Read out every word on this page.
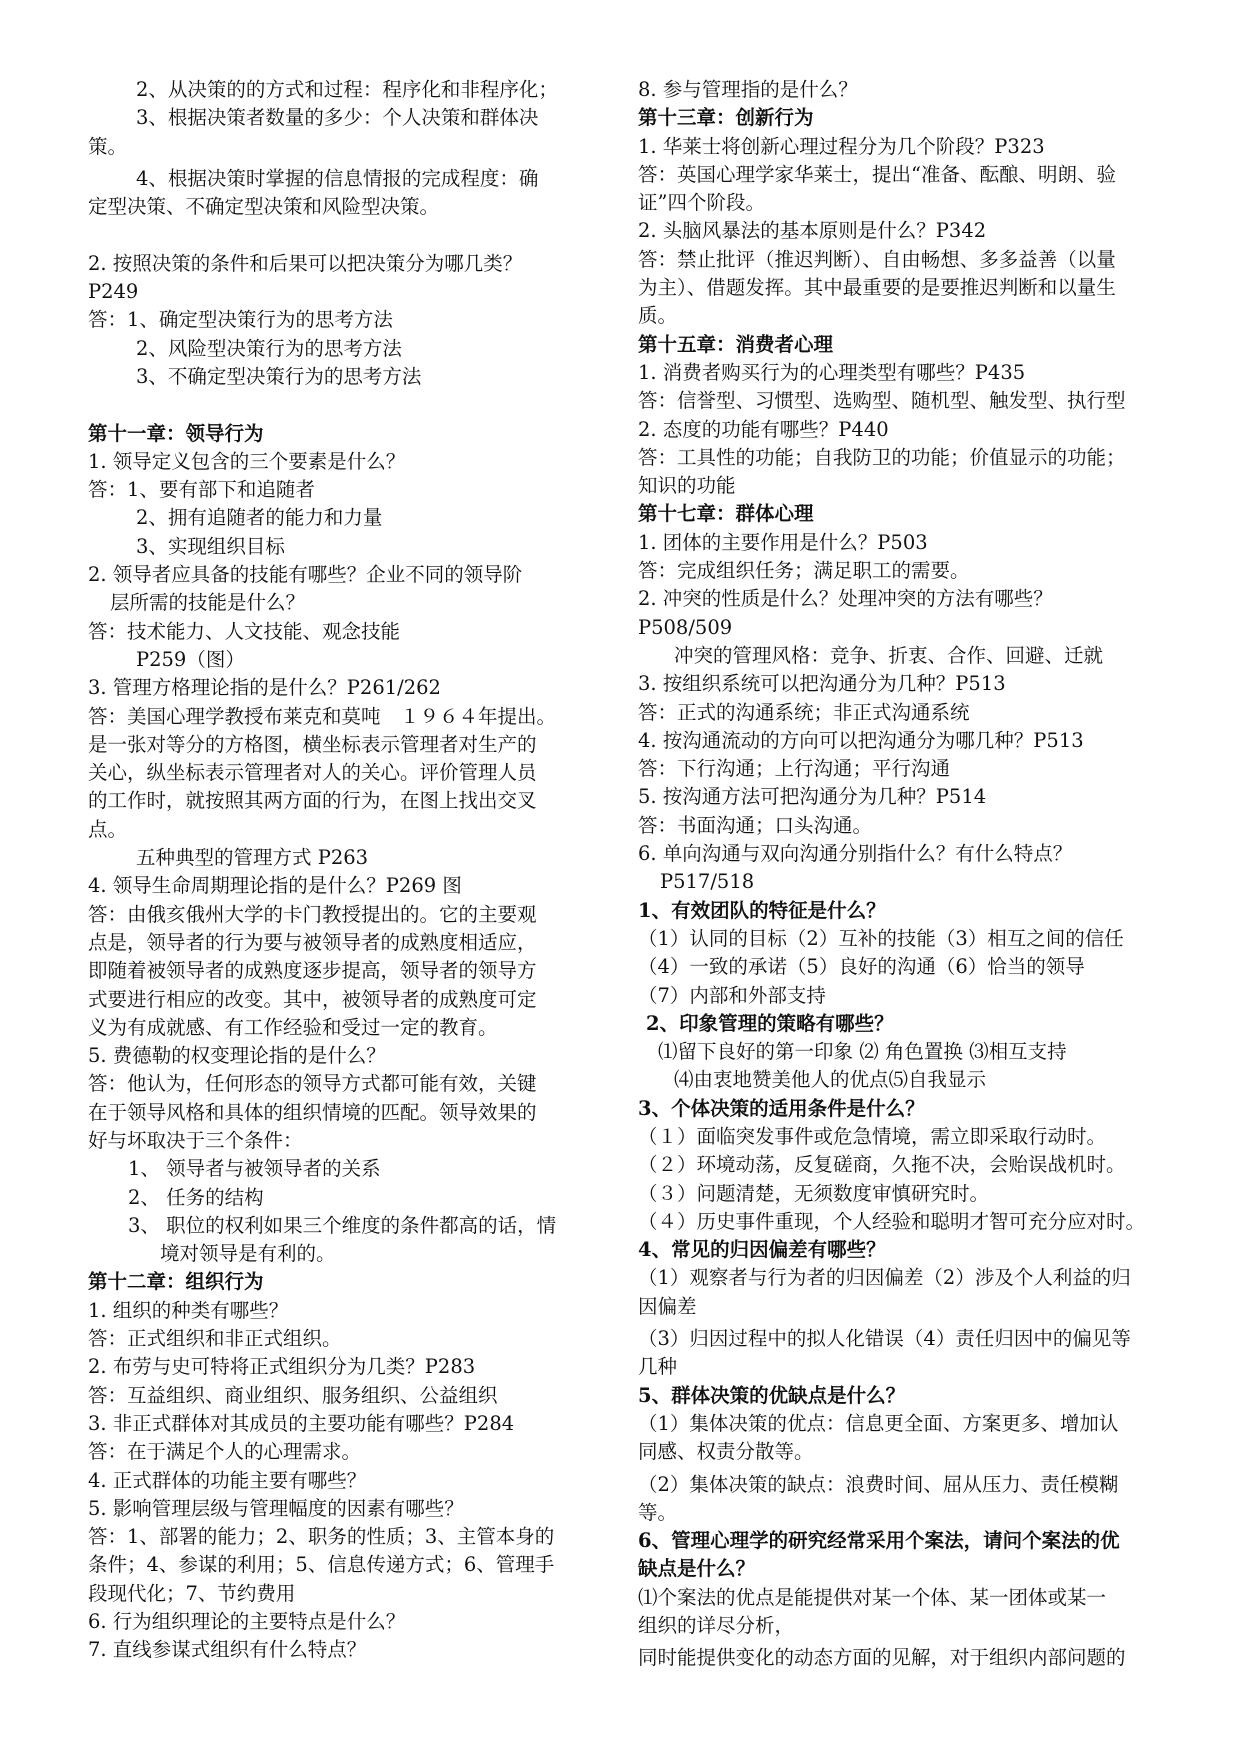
2、从决策的的方式和过程：程序化和非程序化；
3、根据决策者数量的多少：个人决策和群体决
策。
4、根据决策时掌握的信息情报的完成程度：确
定型决策、不确定型决策和风险型决策。
2. 按照决策的条件和后果可以把决策分为哪几类？
P249
答：1、确定型决策行为的思考方法
2、风险型决策行为的思考方法
3、不确定型决策行为的思考方法
第十一章：领导行为
1. 领导定义包含的三个要素是什么？
答：1、要有部下和追随者
2、拥有追随者的能力和力量
3、实现组织目标
2. 领导者应具备的技能有哪些？企业不同的领导阶
层所需的技能是什么？
答：技术能力、人文技能、观念技能
P259（图）
3. 管理方格理论指的是什么？P261/262
答：美国心理学教授布莱克和莫吨　１９６４年提出。
是一张对等分的方格图，横坐标表示管理者对生产的
关心，纵坐标表示管理者对人的关心。评价管理人员
的工作时，就按照其两方面的行为，在图上找出交叉
点。
五种典型的管理方式 P263
4. 领导生命周期理论指的是什么？P269 图
答：由俄亥俄州大学的卡门教授提出的。它的主要观
点是，领导者的行为要与被领导者的成熟度相适应，
即随着被领导者的成熟度逐步提高，领导者的领导方
式要进行相应的改变。其中，被领导者的成熟度可定
义为有成就感、有工作经验和受过一定的教育。
5. 费德勒的权变理论指的是什么？
答：他认为，任何形态的领导方式都可能有效，关键
在于领导风格和具体的组织情境的匹配。领导效果的
好与坏取决于三个条件：
1、 领导者与被领导者的关系
2、 任务的结构
3、 职位的权利如果三个维度的条件都高的话，情
境对领导是有利的。
第十二章：组织行为
1. 组织的种类有哪些？
答：正式组织和非正式组织。
2. 布劳与史可特将正式组织分为几类？P283
答：互益组织、商业组织、服务组织、公益组织
3. 非正式群体对其成员的主要功能有哪些？P284
答：在于满足个人的心理需求。
4. 正式群体的功能主要有哪些？
5. 影响管理层级与管理幅度的因素有哪些？
答：1、部署的能力；2、职务的性质；3、主管本身的
条件；4、参谋的利用；5、信息传递方式；6、管理手
段现代化；7、节约费用
6. 行为组织理论的主要特点是什么？
7. 直线参谋式组织有什么特点？
8. 参与管理指的是什么？
第十三章：创新行为
1. 华莱士将创新心理过程分为几个阶段？P323
答：英国心理学家华莱士，提出“准备、酝酿、明朗、验
证”四个阶段。
2. 头脑风暴法的基本原则是什么？P342
答：禁止批评（推迟判断）、自由畅想、多多益善（以量
为主）、借题发挥。其中最重要的是要推迟判断和以量生
质。
第十五章：消费者心理
1. 消费者购买行为的心理类型有哪些？P435
答：信誉型、习惯型、选购型、随机型、触发型、执行型
2. 态度的功能有哪些？P440
答：工具性的功能；自我防卫的功能；价值显示的功能；
知识的功能
第十七章：群体心理
1. 团体的主要作用是什么？P503
答：完成组织任务；满足职工的需要。
2. 冲突的性质是什么？处理冲突的方法有哪些？
P508/509
冲突的管理风格：竞争、折衷、合作、回避、迁就
3. 按组织系统可以把沟通分为几种？P513
答：正式的沟通系统；非正式沟通系统
4. 按沟通流动的方向可以把沟通分为哪几种？P513
答：下行沟通；上行沟通；平行沟通
5. 按沟通方法可把沟通分为几种？P514
答：书面沟通；口头沟通。
6. 单向沟通与双向沟通分别指什么？有什么特点？
P517/518
1、有效团队的特征是什么？
（1）认同的目标（2）互补的技能（3）相互之间的信任
（4）一致的承诺（5）良好的沟通（6）恰当的领导
（7）内部和外部支持
2、印象管理的策略有哪些？
⑴留下良好的第一印象 ⑵ 角色置换 ⑶相互支持
⑷由衷地赞美他人的优点⑸自我显示
3、个体决策的适用条件是什么？
（１）面临突发事件或危急情境，需立即采取行动时。
（２）环境动荡，反复磋商，久拖不决，会贻误战机时。
（３）问题清楚，无须数度审慎研究时。
（４）历史事件重现，个人经验和聪明才智可充分应对时。
4、常见的归因偏差有哪些？
（1）观察者与行为者的归因偏差（2）涉及个人利益的归
因偏差
（3）归因过程中的拟人化错误（4）责任归因中的偏见等
几种
5、群体决策的优缺点是什么？
（1）集体决策的优点：信息更全面、方案更多、增加认
同感、权责分散等。
（2）集体决策的缺点：浪费时间、屈从压力、责任模糊
等。
6、管理心理学的研究经常采用个案法，请问个案法的优
缺点是什么？
⑴个案法的优点是能提供对某一个体、某一团体或某一
组织的详尽分析，
同时能提供变化的动态方面的见解，对于组织内部问题的
